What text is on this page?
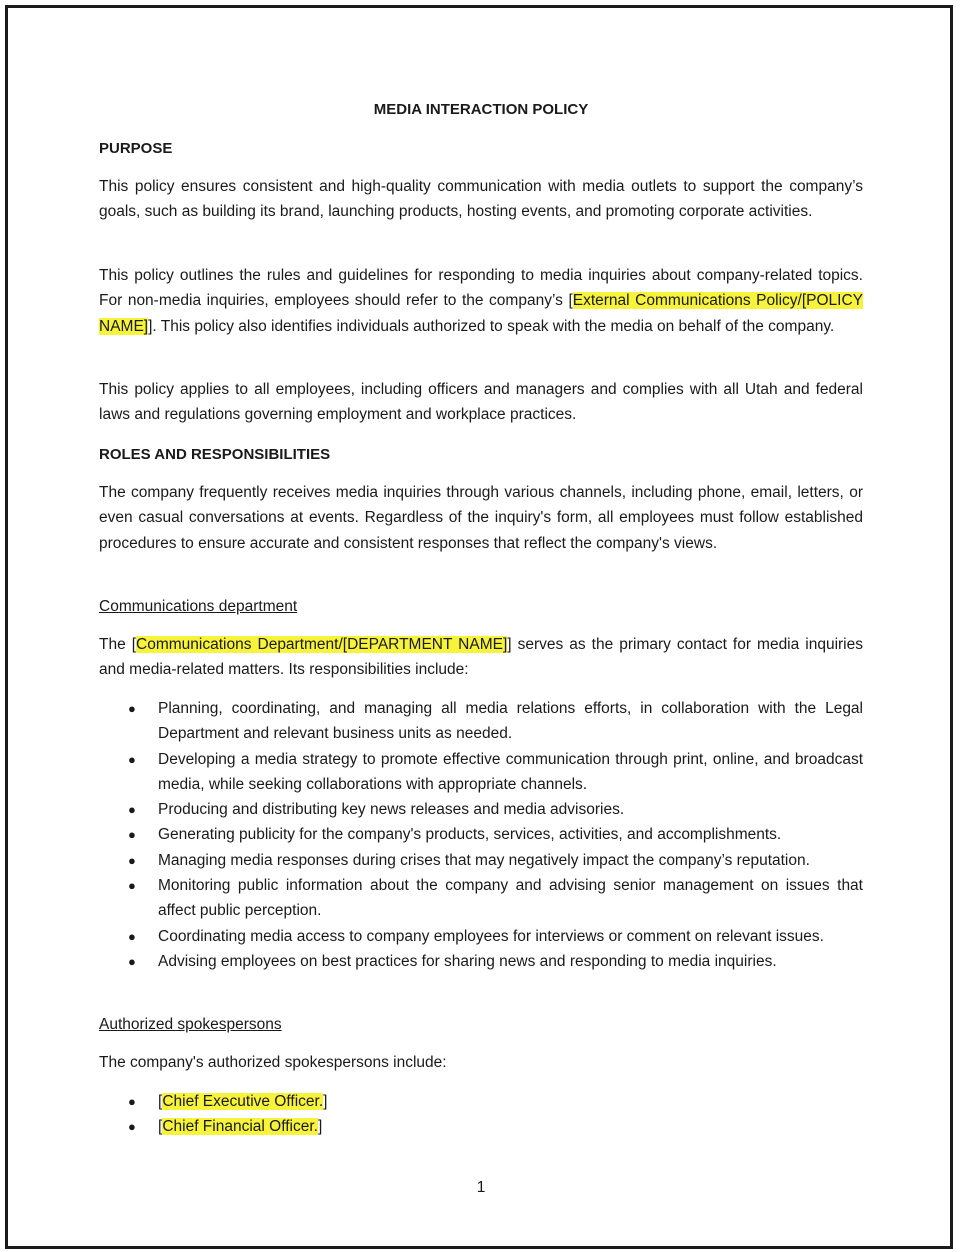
MEDIA INTERACTION POLICY
PURPOSE
This policy ensures consistent and high-quality communication with media outlets to support the company’s goals, such as building its brand, launching products, hosting events, and promoting corporate activities.
This policy outlines the rules and guidelines for responding to media inquiries about company-related topics. For non-media inquiries, employees should refer to the company’s [External Communications Policy/[POLICY NAME]]. This policy also identifies individuals authorized to speak with the media on behalf of the company.
This policy applies to all employees, including officers and managers and complies with all Utah and federal laws and regulations governing employment and workplace practices.
ROLES AND RESPONSIBILITIES
The company frequently receives media inquiries through various channels, including phone, email, letters, or even casual conversations at events. Regardless of the inquiry's form, all employees must follow established procedures to ensure accurate and consistent responses that reflect the company's views.
Communications department
The [Communications Department/[DEPARTMENT NAME]] serves as the primary contact for media inquiries and media-related matters. Its responsibilities include:
● Planning, coordinating, and managing all media relations efforts, in collaboration with the Legal Department and relevant business units as needed.
● Developing a media strategy to promote effective communication through print, online, and broadcast media, while seeking collaborations with appropriate channels.
● Producing and distributing key news releases and media advisories.
● Generating publicity for the company's products, services, activities, and accomplishments.
● Managing media responses during crises that may negatively impact the company’s reputation.
● Monitoring public information about the company and advising senior management on issues that affect public perception.
● Coordinating media access to company employees for interviews or comment on relevant issues.
● Advising employees on best practices for sharing news and responding to media inquiries.
Authorized spokespersons
The company's authorized spokespersons include:
● [Chief Executive Officer.]
● [Chief Financial Officer.]
1
